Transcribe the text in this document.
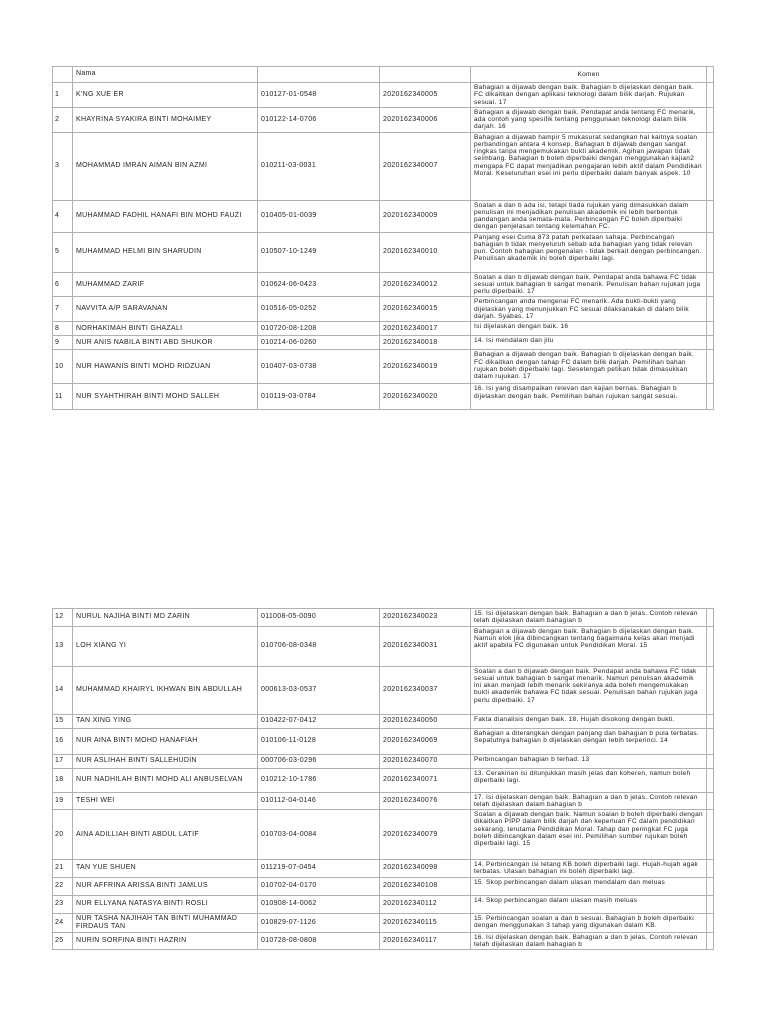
	Nama			Komen	
1	K'NG XUE ER	010127-01-0548	2020162340005	Bahagian a dijawab dengan baik. Bahagian b dijelaskan dengan baik. FC dikaitkan dengan aplikasi teknologi dalam bilik darjah. Rujukan sesuai. 17	
2	KHAYRINA SYAKIRA BINTI MOHAIMEY	010122-14-0706	2020162340006	Bahagian a dijawab dengan baik. Pendapat anda tentang FC menarik, ada contoh yang spesifik tentang penggunaan teknologi dalam bilik darjah. 16	
3	MOHAMMAD IMRAN AIMAN BIN AZMI	010211-03-0031	2020162340007	Bahagian a dijawab hampir 5 mukasurat sedangkan hal kaitnya soalan perbandingan antara 4 konsep. Bahagian b dijawab dengan sangat ringkas tanpa mengemukakan bukti akademik. Agihan jawapan tidak seimbang. Bahagian b boleh diperbaiki dengan menggunakan kajian2 mengapa FC dapat menjadikan pengajaran lebih aktif dalam Pendidikan Moral. Keseluruhan esei ini perlu diperbaiki dalam banyak aspek. 10	
4	MUHAMMAD FADHIL HANAFI BIN MOHD FAUZI	010405-01-0039	2020162340009	Soalan a dan b ada isi, tetapi tiada rujukan yang dimasukkan dalam penulisan ini menjadikan penulisan akademik ini lebih berbentuk pandangan anda semata-mata. Perbincangan FC boleh diperbaiki dengan penjelasan tentang kelemahan FC.	
5	MUHAMMAD HELMI BIN SHARUDIN	010507-10-1249	2020162340010	Panjang esei Cuma 873 patah perkataan sahaja. Perbincangan bahagian b tidak menyeluruh sebab ada bahagian yang tidak relevan pun. Contoh bahagian pengenalan - tidak berkait dengan perbincangan. Penulisan akademik ini boleh diperbaiki lagi.	
6	MUHAMMAD ZARIF	010624-06-0423	2020162340012	Soalan a dan b dijawab dengan baik. Pendapat anda bahawa FC tidak sesuai untuk bahagian b sangat menarik. Penulisan bahan rujukan juga perlu diperbaiki. 17	
7	NAVVITA A/P SARAVANAN	010516-05-0252	2020162340015	Perbincangan anda mengenai FC menarik. Ada bukti-bukti yang dijelaskan yang menunjukkan FC sesuai dilaksanakan di dalam bilik darjah. Syabas. 17	
8	NORHAKIMAH BINTI GHAZALI	010720-08-1208	2020162340017	Isi dijelaskan dengan baik. 16	
9	NUR ANIS NABILA BINTI ABD SHUKOR	010214-06-0260	2020162340018	14. Isi mendalam dan jitu	
10	NUR HAWANIS BINTI MOHD RIDZUAN	010407-03-0738	2020162340019	Bahagian a dijawab dengan baik. Bahagian b dijelaskan dengan baik. FC dikaitkan dengan tahap FC dalam bilik darjah. Pemilihan bahan rujukan boleh diperbaiki lagi. Sesetengah petikan tidak dimasukkan dalam rujukan. 17	
11	NUR SYAHTHIRAH BINTI MOHD SALLEH	010119-03-0784	2020162340020	16. Isi yang disampaikan relevan dan kajian bernas. Bahagian b dijelaskan dengan baik. Pemilihan bahan rujukan sangat sesuai.	
12	NURUL NAJIHA BINTI MD ZARIN	011008-05-0090	2020162340023	15. Isi dijelaskan dengan baik. Bahagian a dan b jelas. Contoh relevan telah dijelaskan dalam bahagian b	
13	LOH XIANG YI	010706-08-0348	2020162340031	Bahagian a dijawab dengan baik. Bahagian b dijelaskan dengan baik. Namun elok jika dibincangkan tentang bagaimana kelas akan menjadi aktif apabila FC digunakan untuk Pendidikan Moral. 15	
14	MUHAMMAD KHAIRYL IKHWAN BIN ABDULLAH	000613-03-0537	2020162340037	Soalan a dan b dijawab dengan baik. Pendapat anda bahawa FC tidak sesuai untuk bahagian b sangat menarik. Namun penulisan akademik ini akan menjadi lebih menarik sekiranya ada boleh mengemukakan bukti akademik bahawa FC tidak sesuai. Penulisan bahan rujukan juga perlu diperbaiki. 17	
15	TAN XING YING	010422-07-0412	2020162340050	Fakta dianalisis dengan baik. 18. Hujah disokong dengan bukti.	
16	NUR AINA BINTI MOHD HANAFIAH	010106-11-0128	2020162340069	Bahagian a diterangkan dengan panjang dan bahagian b pula terbatas. Sepatutnya bahagian b dijelaskan dengan lebih terperinci. 14	
17	NUR ASLIHAH BINTI SALLEHUDIN	000706-03-0296	2020162340070	Perbincangan bahagian b terhad. 13	
18	NUR NADHILAH BINTI MOHD ALI ANBUSELVAN	010212-10-1786	2020162340071	13. Cerakinan isi ditunjukkan masih jelas dan koheren, namun boleh diperbaiki lagi.	
19	TESHI WEI	010112-04-0146	2020162340076	17. Isi dijelaskan dengan baik. Bahagian a dan b jelas. Contoh relevan telah dijelaskan dalam bahagian b	
20	AINA ADILLIAH BINTI ABDUL LATIF	010703-04-0084	2020162340079	Soalan a dijawab dengan baik. Namun soalan b boleh diperbaiki dengan dikaitkan PIPP dalam bilik darjah dan keperluan FC dalam pendidikan sekarang, terutama Pendidikan Moral. Tahap dan peringkat FC juga boleh dibincangkan dalam esei ini. Pemilihan sumber rujukan boleh diperbaiki lagi. 15	
21	TAN YUE SHUEN	011219-07-0454	2020162340098	14. Perbincangan isi tetang KB boleh diperbaiki lagi. Hujah-hujah agak terbatas. Ulasan bahagian ini boleh diperbaiki lagi.	
22	NUR AFFRINA ARISSA BINTI JAMLUS	010702-04-0170	2020162340108	15. Skop perbincangan dalam ulasan mendalam dan meluas	
23	NUR ELLYANA NATASYA BINTI ROSLI	010908-14-0062	2020162340112	14. Skop perbincangan dalam ulasan masih meluas	
24	NUR TASHA NAJIHAH TAN BINTI MUHAMMAD FIRDAUS TAN	010829-07-1126	2020162340115	15. Perbincangan soalan a dan b sesuai. Bahagian b boleh diperbaiki dengan menggunakan 3 tahap yang digunakan dalam KB.	
25	NURIN SORFINA BINTI HAZRIN	010728-08-0808	2020162340117	16. Isi dijelaskan dengan baik. Bahagian a dan b jelas. Contoh relevan telah dijelaskan dalam bahagian b	
